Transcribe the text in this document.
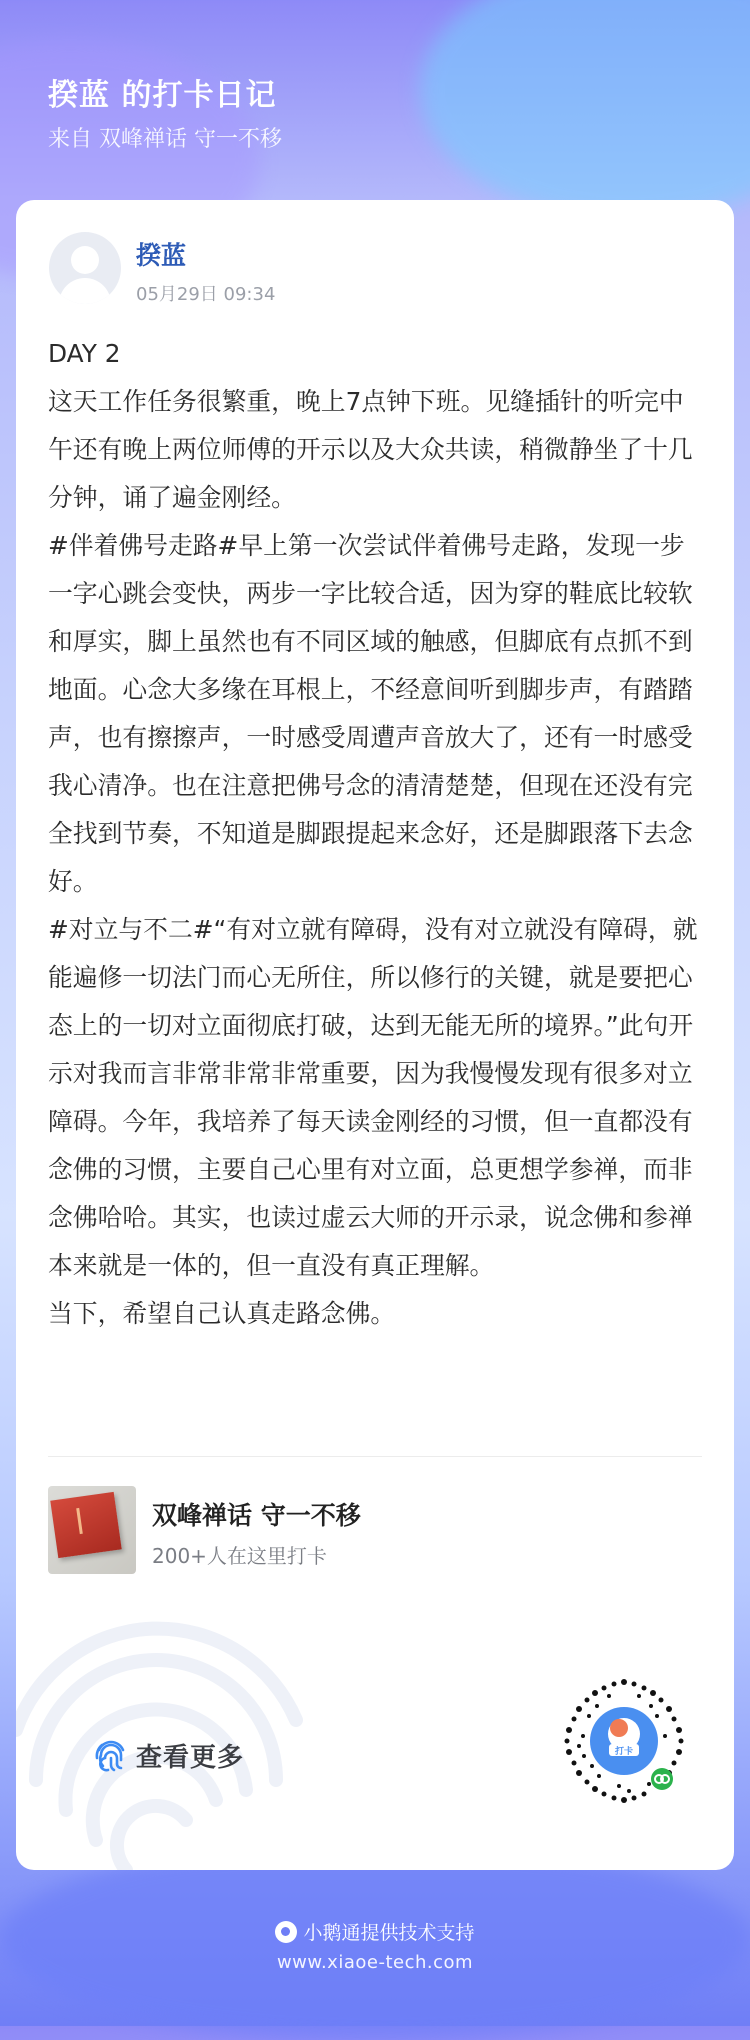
揆蓝 的打卡日记
来自 双峰禅话 守一不移
揆蓝
05月29日 09:34

DAY 2

这天工作任务很繁重，晚上7点钟下班。见缝插针的听完中午还有晚上两位师傅的开示以及大众共读，稍微静坐了十几分钟，诵了遍金刚经。

#伴着佛号走路#早上第一次尝试伴着佛号走路，发现一步一字心跳会变快，两步一字比较合适，因为穿的鞋底比较软和厚实，脚上虽然也有不同区域的触感，但脚底有点抓不到地面。心念大多缘在耳根上，不经意间听到脚步声，有踏踏声，也有擦擦声，一时感受周遭声音放大了，还有一时感受我心清净。也在注意把佛号念的清清楚楚，但现在还没有完全找到节奏，不知道是脚跟提起来念好，还是脚跟落下去念好。

#对立与不二#“有对立就有障碍，没有对立就没有障碍，就能遍修一切法门而心无所住，所以修行的关键，就是要把心态上的一切对立面彻底打破，达到无能无所的境界。”此句开示对我而言非常非常非常重要，因为我慢慢发现有很多对立障碍。今年，我培养了每天读金刚经的习惯，但一直都没有念佛的习惯，主要自己心里有对立面，总更想学参禅，而非念佛哈哈。其实，也读过虚云大师的开示录，说念佛和参禅本来就是一体的，但一直没有真正理解。

当下，希望自己认真走路念佛。

双峰禅话 守一不移
200+人在这里打卡
查看更多	打卡
小鹅通提供技术支持
www.xiaoe-tech.com
